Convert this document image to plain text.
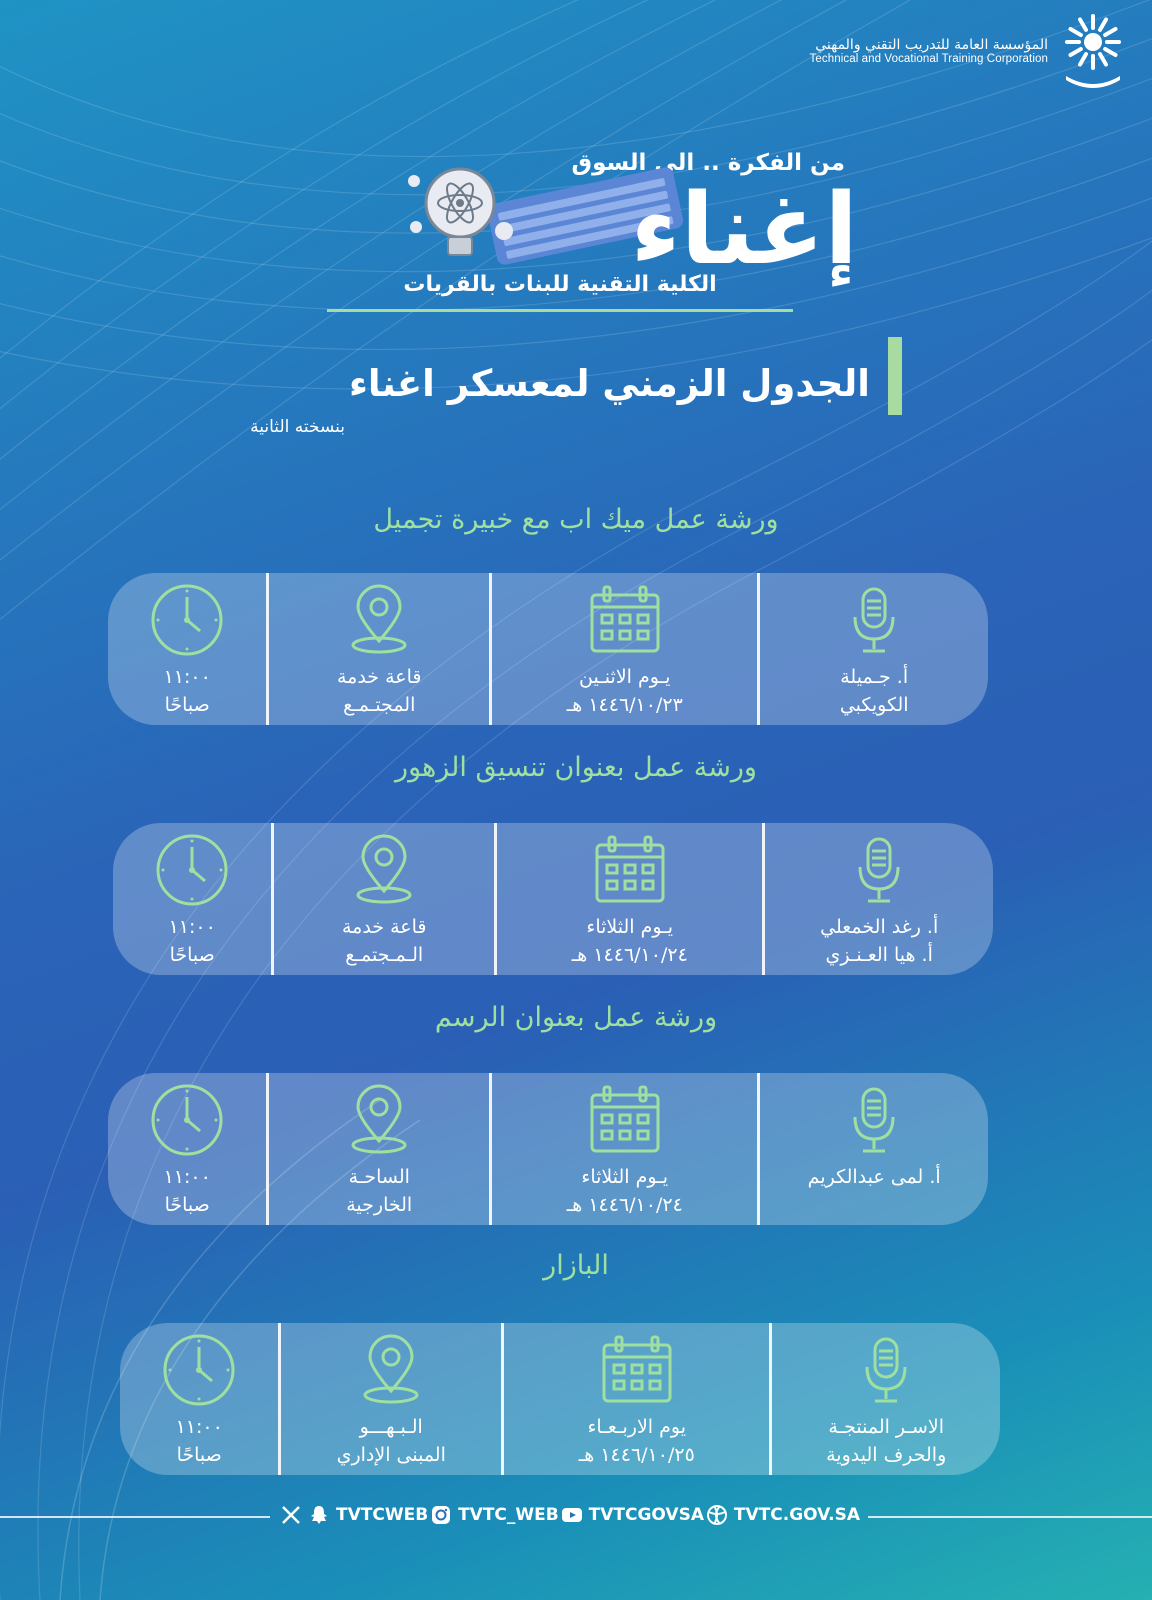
المؤسسة العامة للتدريب التقني والمهني
Technical and Vocational Training Corporation
من الفكرة .. الى السوق
إغناء
الكلية التقنية للبنات بالقريات
الجدول الزمني لمعسكر اغناء
بنسخته الثانية
ورشة عمل ميك اب مع خبيرة تجميل
أ. جـميلة
الكويكبي
يـوم الاثنـين
١٤٤٦/١٠/٢٣ هـ
قاعة خدمة
المجتـمـع
١١:٠٠
صباحًا
ورشة عمل بعنوان تنسيق الزهور
أ. رغد الخمعلي
أ. هيا العـنـزي
يـوم الثلاثاء
١٤٤٦/١٠/٢٤ هـ
قاعة خدمة
الـمـجتمـع
١١:٠٠
صباحًا
ورشة عمل بعنوان الرسم
أ. لمى عبدالكريم
يـوم الثلاثاء
١٤٤٦/١٠/٢٤ هـ
الساحـة
الخارجية
١١:٠٠
صباحًا
البازار
الاسـر المنتجـة
والحرف اليدوية
يوم الاربـعـاء
١٤٤٦/١٠/٢٥ هـ
الـبـهـــو
المبنى الإداري
١١:٠٠
صباحًا
TVTCWEB TVTC_WEB TVTCGOVSA TVTC.GOV.SA
